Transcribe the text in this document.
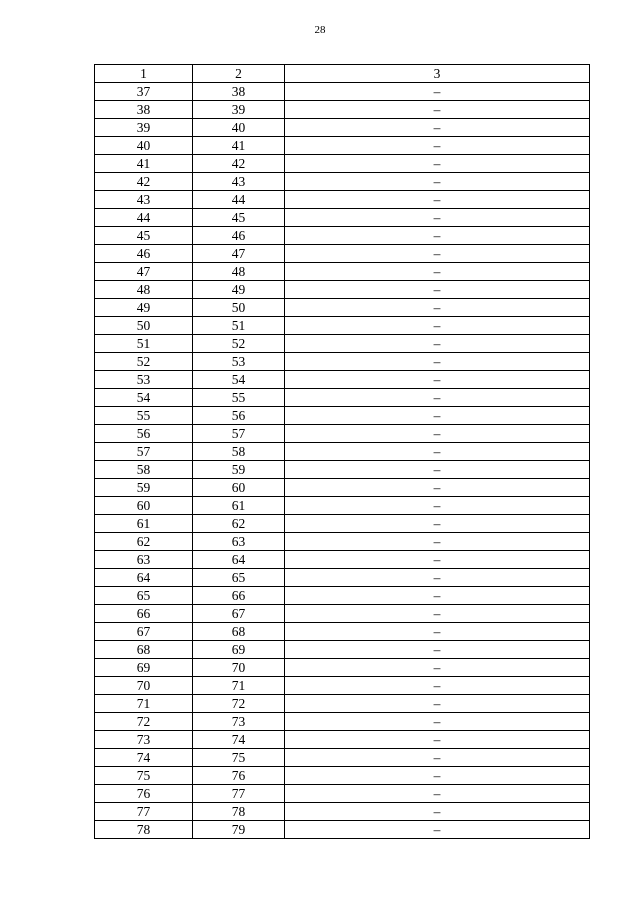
28
1	2	3
37	38	–
38	39	–
39	40	–
40	41	–
41	42	–
42	43	–
43	44	–
44	45	–
45	46	–
46	47	–
47	48	–
48	49	–
49	50	–
50	51	–
51	52	–
52	53	–
53	54	–
54	55	–
55	56	–
56	57	–
57	58	–
58	59	–
59	60	–
60	61	–
61	62	–
62	63	–
63	64	–
64	65	–
65	66	–
66	67	–
67	68	–
68	69	–
69	70	–
70	71	–
71	72	–
72	73	–
73	74	–
74	75	–
75	76	–
76	77	–
77	78	–
78	79	–
